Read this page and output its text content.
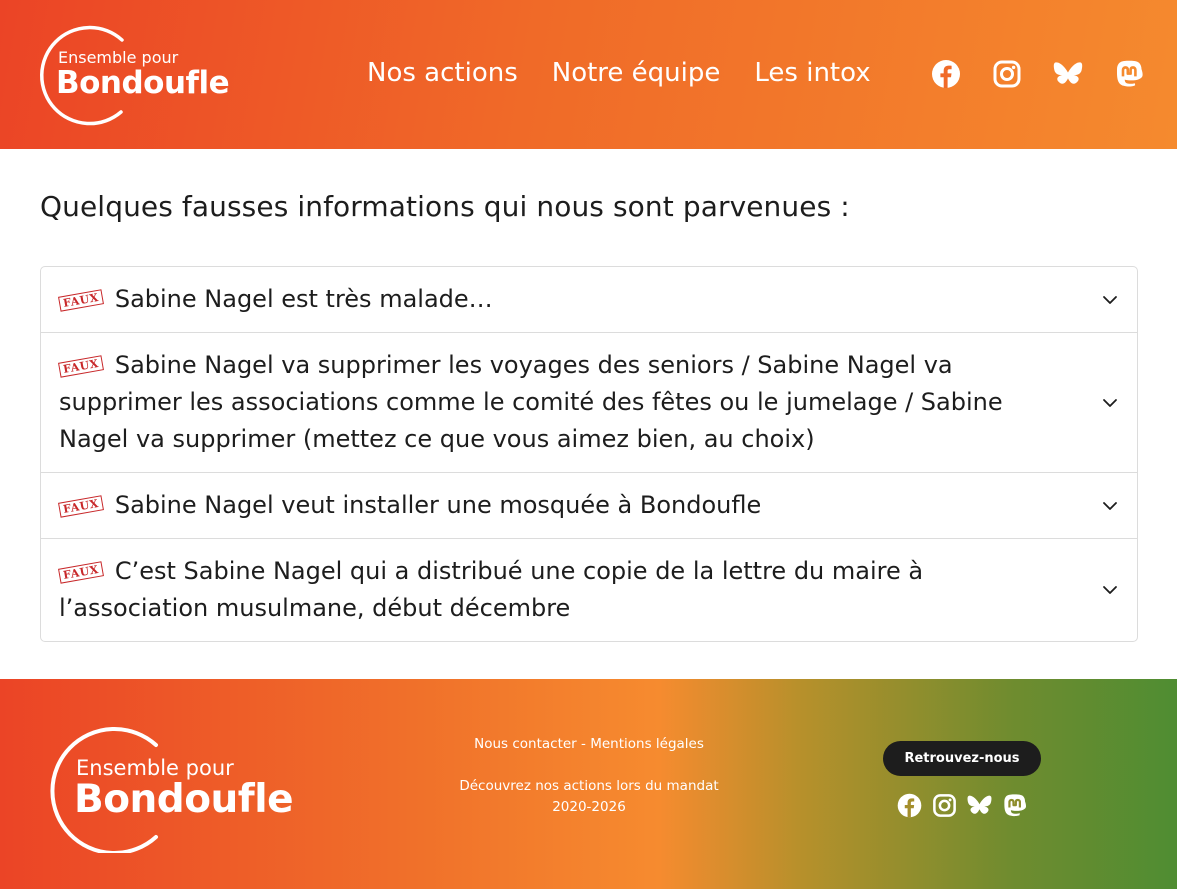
Ensemble pour
Bondoufle	Nos actions Notre équipe Les intox
Quelques fausses informations qui nous sont parvenues :
FAUX Sabine Nagel est très malade…
FAUX Sabine Nagel va supprimer les voyages des seniors / Sabine Nagel va supprimer les associations comme le comité des fêtes ou le jumelage / Sabine Nagel va supprimer (mettez ce que vous aimez bien, au choix)
FAUX Sabine Nagel veut installer une mosquée à Bondoufle
FAUX C’est Sabine Nagel qui a distribué une copie de la lettre du maire à l’association musulmane, début décembre
Ensemble pour
Bondoufle
Nous contacter - Mentions légales
Découvrez nos actions lors du mandat
2020-2026
Retrouvez-nous
